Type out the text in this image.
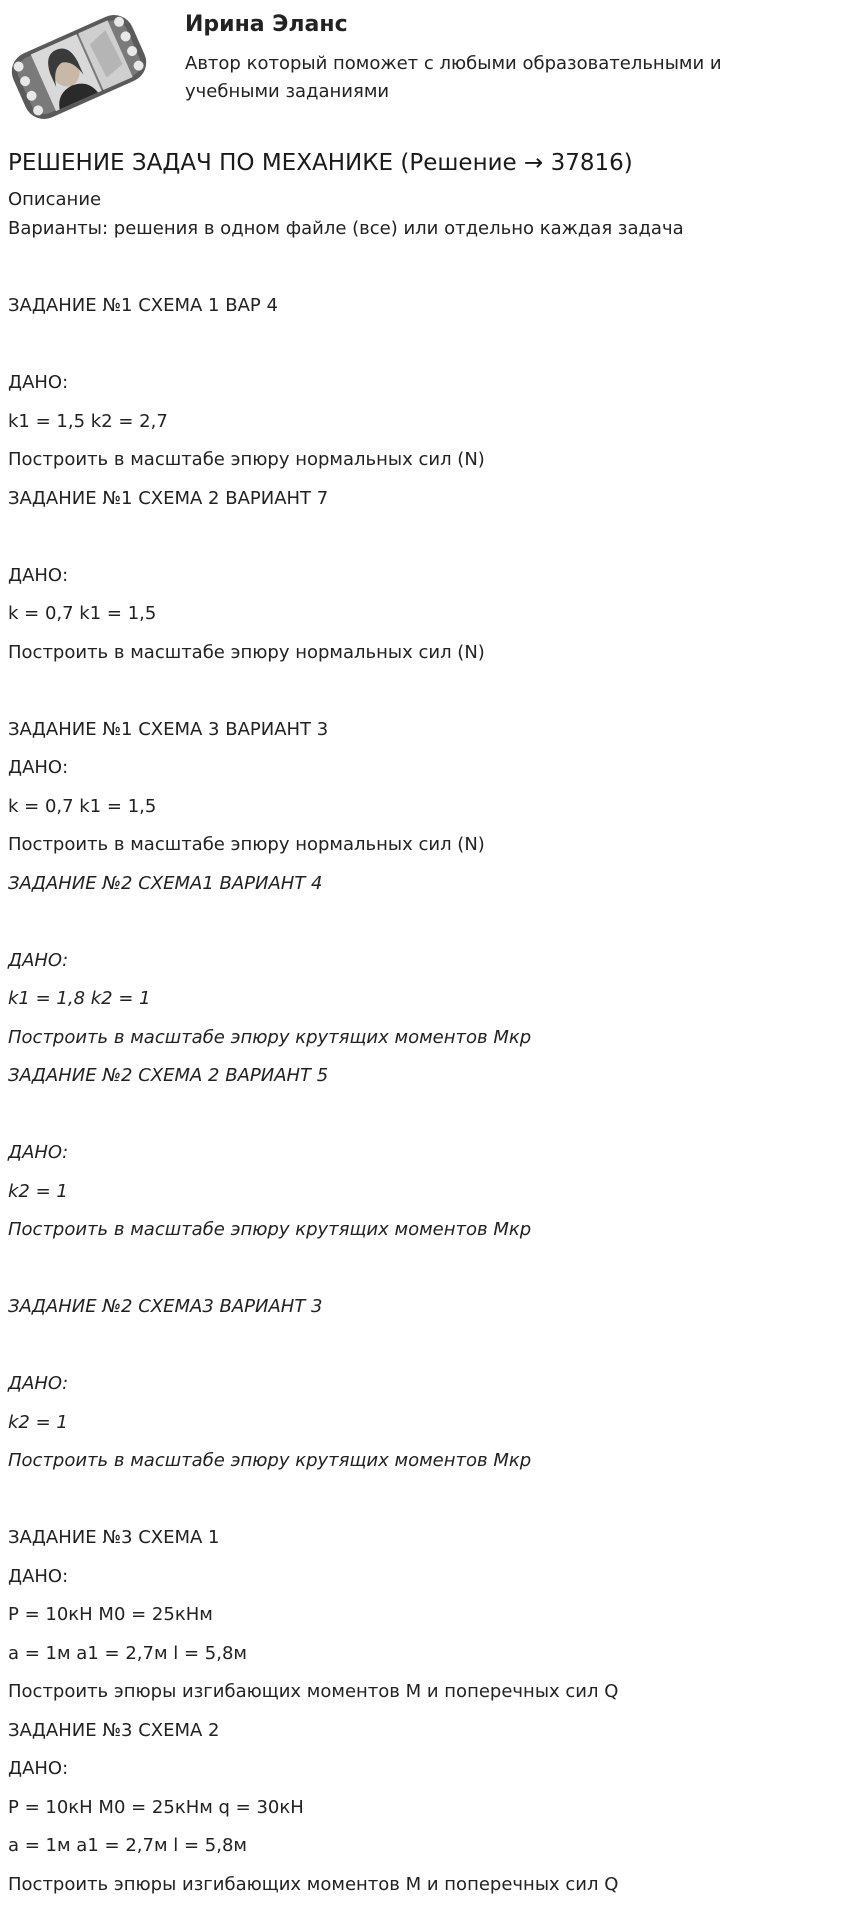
Ирина Эланс
Автор который поможет с любыми образовательными и учебными заданиями
РЕШЕНИЕ ЗАДАЧ ПО МЕХАНИКЕ (Решение → 37816)
Описание
Варианты: решения в одном файле (все) или отдельно каждая задача
ЗАДАНИЕ №1 СХЕМА 1 ВАР 4
ДАНО:
k1 = 1,5 k2 = 2,7
Построить в масштабе эпюру нормальных сил (N)
ЗАДАНИЕ №1 СХЕМА 2 ВАРИАНТ 7
ДАНО:
k = 0,7 k1 = 1,5
Построить в масштабе эпюру нормальных сил (N)
ЗАДАНИЕ №1 СХЕМА 3 ВАРИАНТ 3
ДАНО:
k = 0,7 k1 = 1,5
Построить в масштабе эпюру нормальных сил (N)
ЗАДАНИЕ №2 СХЕМА1 ВАРИАНТ 4
ДАНО:
k1 = 1,8 k2 = 1
Построить в масштабе эпюру крутящих моментов Мкр
ЗАДАНИЕ №2 СХЕМА 2 ВАРИАНТ 5
ДАНО:
k2 = 1
Построить в масштабе эпюру крутящих моментов Мкр
ЗАДАНИЕ №2 СХЕМА3 ВАРИАНТ 3
ДАНО:
k2 = 1
Построить в масштабе эпюру крутящих моментов Мкр
ЗАДАНИЕ №3 СХЕМА 1
ДАНО:
P = 10кН M0 = 25кНм
a = 1м a1 = 2,7м l = 5,8м
Построить эпюры изгибающих моментов М и поперечных сил Q
ЗАДАНИЕ №3 СХЕМА 2
ДАНО:
P = 10кН M0 = 25кНм q = 30кН
a = 1м a1 = 2,7м l = 5,8м
Построить эпюры изгибающих моментов М и поперечных сил Q
